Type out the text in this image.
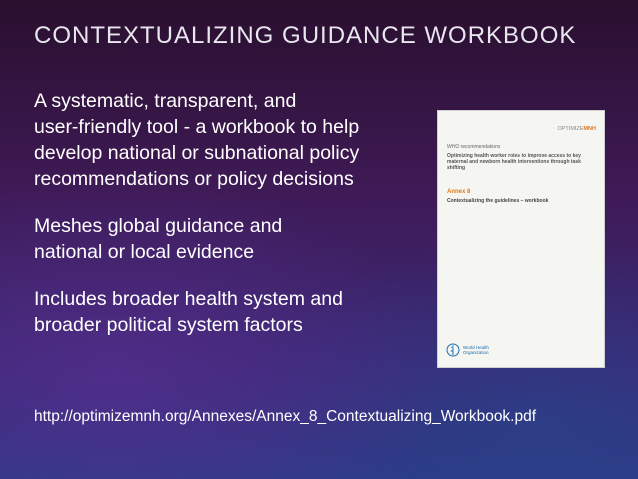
CONTEXTUALIZING GUIDANCE WORKBOOK

A systematic, transparent, and
user-friendly tool - a workbook to help
develop national or subnational policy
recommendations or policy decisions

Meshes global guidance and
national or local evidence

Includes broader health system and
broader political system factors

http://optimizemnh.org/Annexes/Annex_8_Contextualizing_Workbook.pdf
OPTIMIZEMNH
WHO recommendations
Optimizing health worker roles to improve access to key maternal and newborn health interventions through task shifting
Annex 8
Contextualizing the guidelines – workbook
World Health
Organization
